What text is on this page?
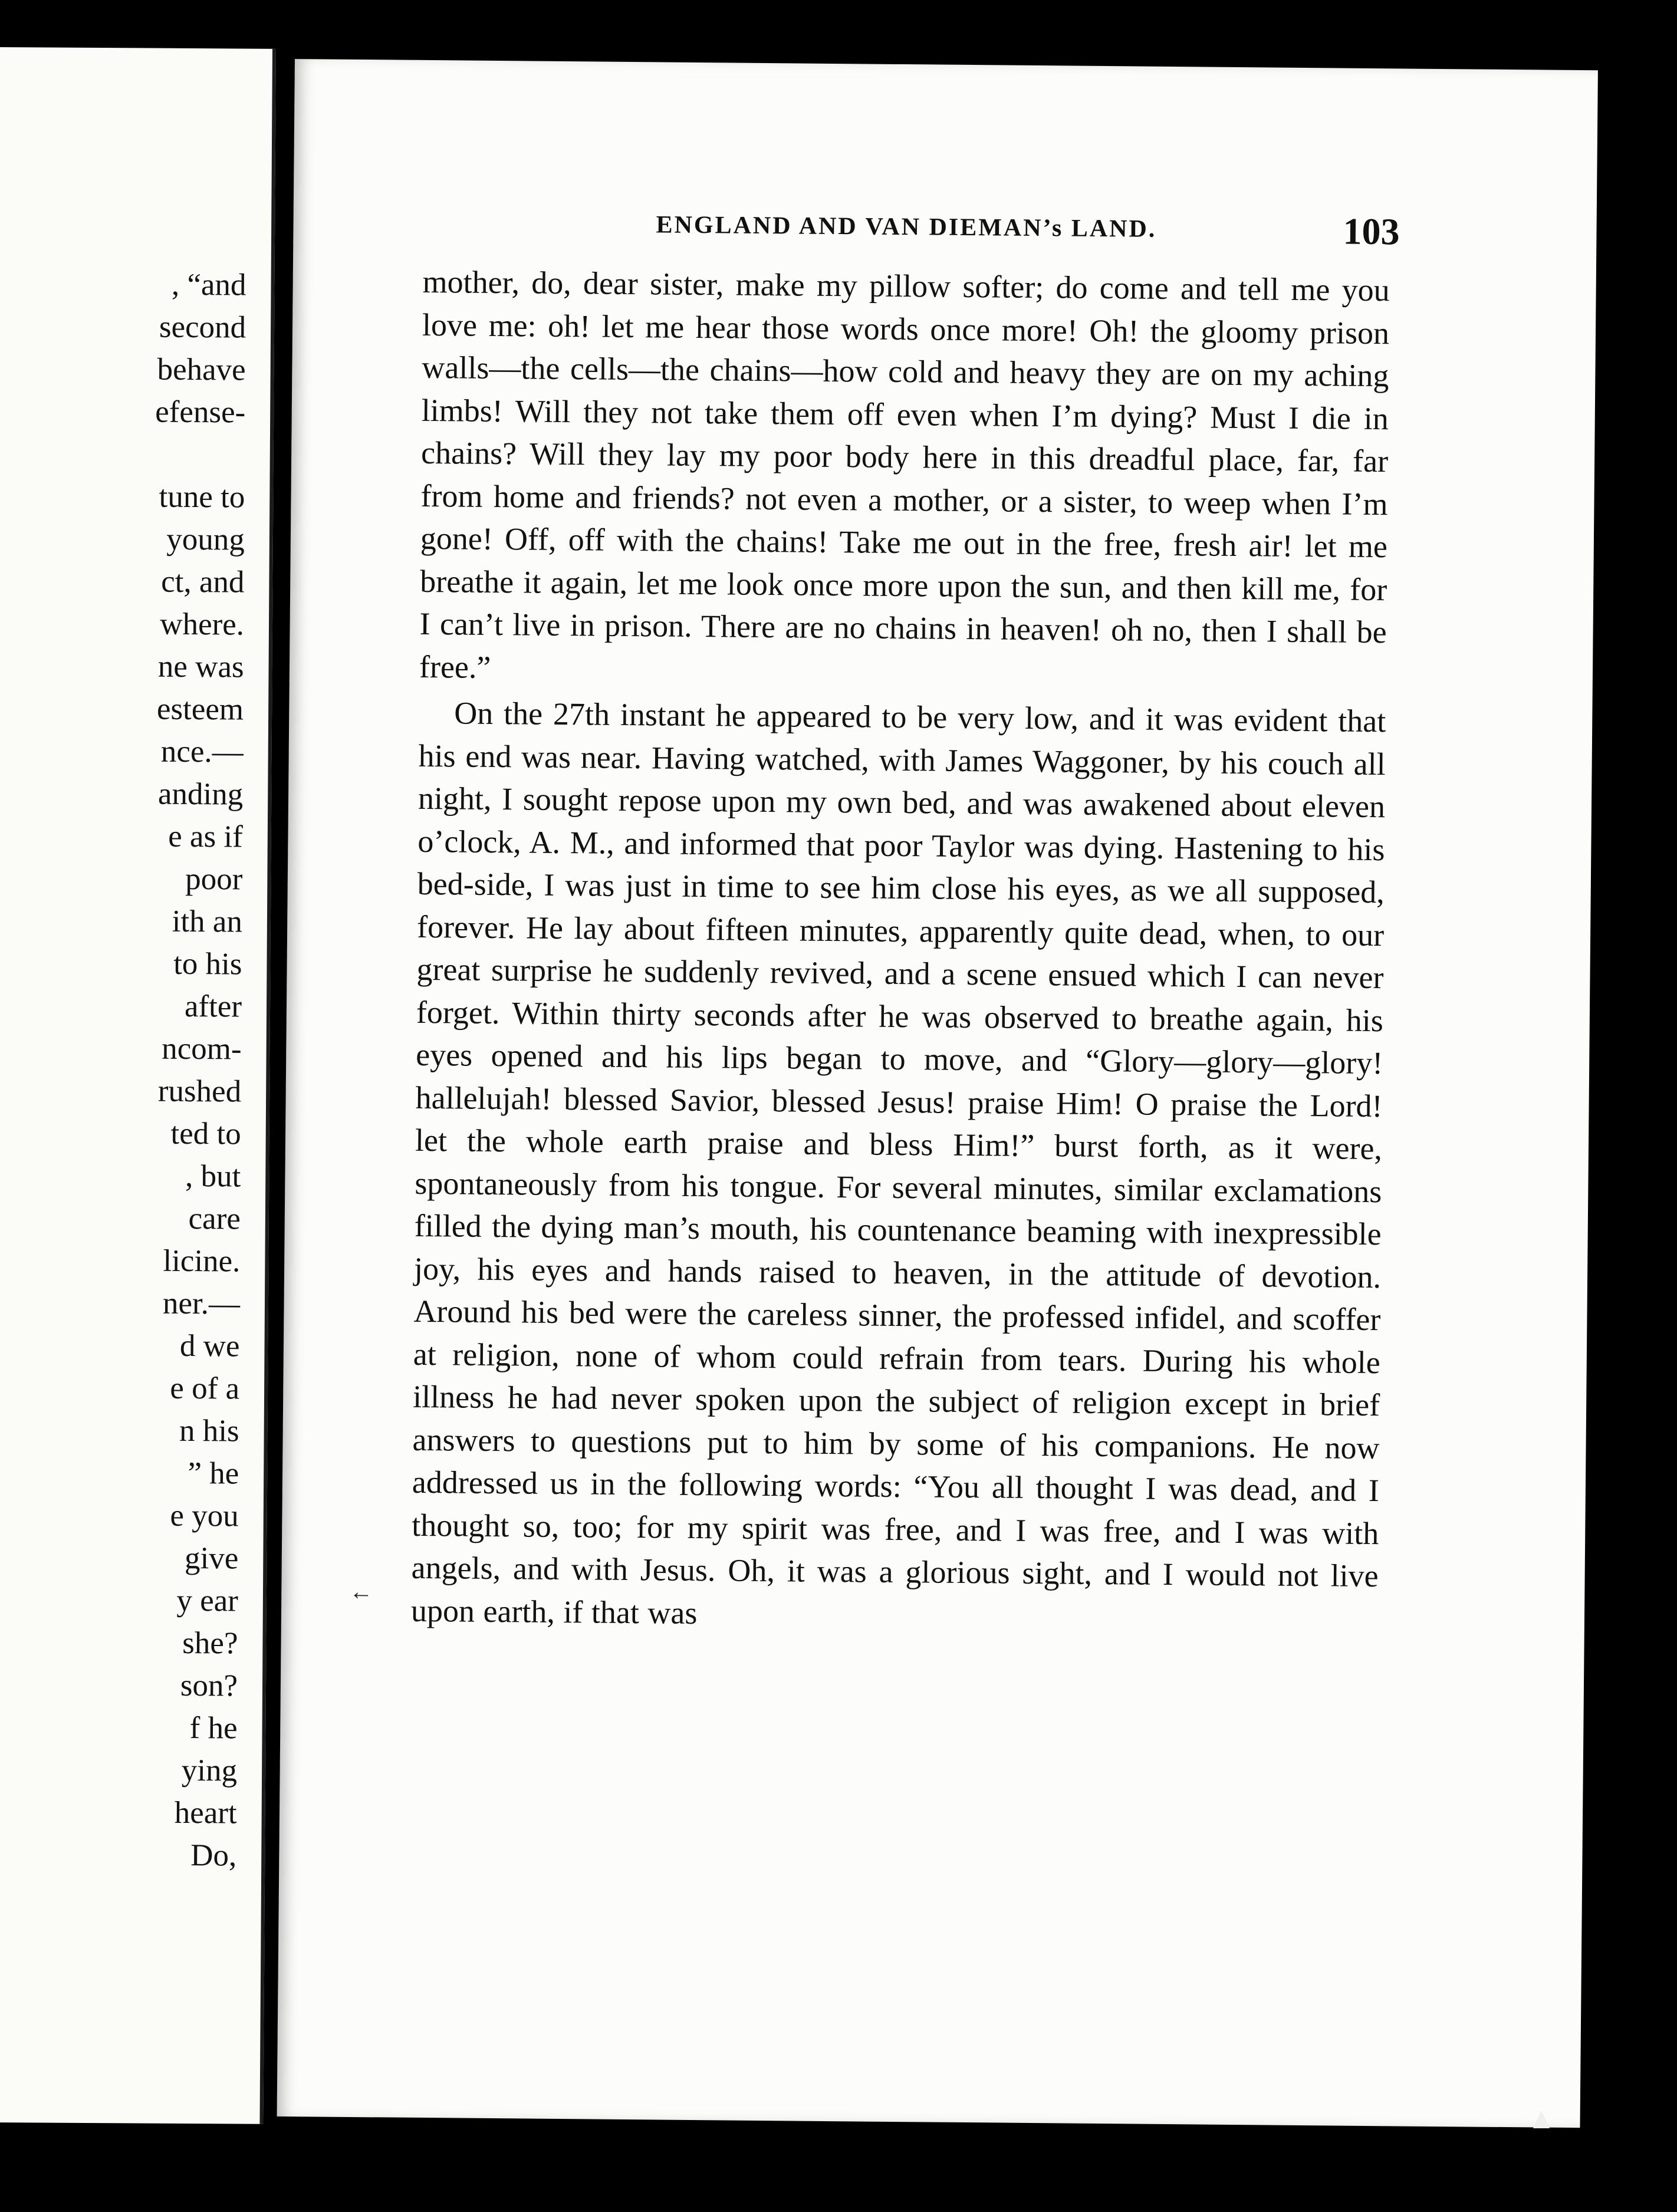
, “and
second
behave
efense-
tune to
young
ct, and
where.
ne was
esteem
nce.—
anding
e as if
poor
ith an
to his
after
ncom-
rushed
ted to
, but
care
licine.
ner.—
d we
e of a
n his
” he
e you
give
y ear
she?
son?
f he
ying
heart
Do,
ENGLAND AND VAN DIEMAN’s LAND.	103

mother, do, dear sister, make my pillow softer; do come and tell me you love me: oh! let me hear those words once more! Oh! the gloomy prison walls—the cells—the chains—how cold and heavy they are on my aching limbs! Will they not take them off even when I’m dying? Must I die in chains? Will they lay my poor body here in this dreadful place, far, far from home and friends? not even a mother, or a sister, to weep when I’m gone! Off, off with the chains! Take me out in the free, fresh air! let me breathe it again, let me look once more upon the sun, and then kill me, for I can’t live in prison. There are no chains in heaven! oh no, then I shall be free.”

On the 27th instant he appeared to be very low, and it was evident that his end was near. Having watched, with James Waggoner, by his couch all night, I sought repose upon my own bed, and was awakened about eleven o’clock, A. M., and informed that poor Taylor was dying. Hastening to his bed-side, I was just in time to see him close his eyes, as we all supposed, forever. He lay about fifteen minutes, apparently quite dead, when, to our great surprise he suddenly revived, and a scene ensued which I can never forget. Within thirty seconds after he was observed to breathe again, his eyes opened and his lips began to move, and “Glory—glory—glory! hallelujah! blessed Savior, blessed Jesus! praise Him! O praise the Lord! let the whole earth praise and bless Him!” burst forth, as it were, spontaneously from his tongue. For several minutes, similar exclamations filled the dying man’s mouth, his countenance beaming with inexpressible joy, his eyes and hands raised to heaven, in the attitude of devotion. Around his bed were the careless sinner, the professed infidel, and scoffer at religion, none of whom could refrain from tears. During his whole illness he had never spoken upon the subject of religion except in brief answers to questions put to him by some of his companions. He now addressed us in the following words: “You all thought I was dead, and I thought so, too; for my spirit was free, and I was free, and I was with angels, and with Jesus. Oh, it was a glorious sight, and I would not live upon earth, if that was

←
